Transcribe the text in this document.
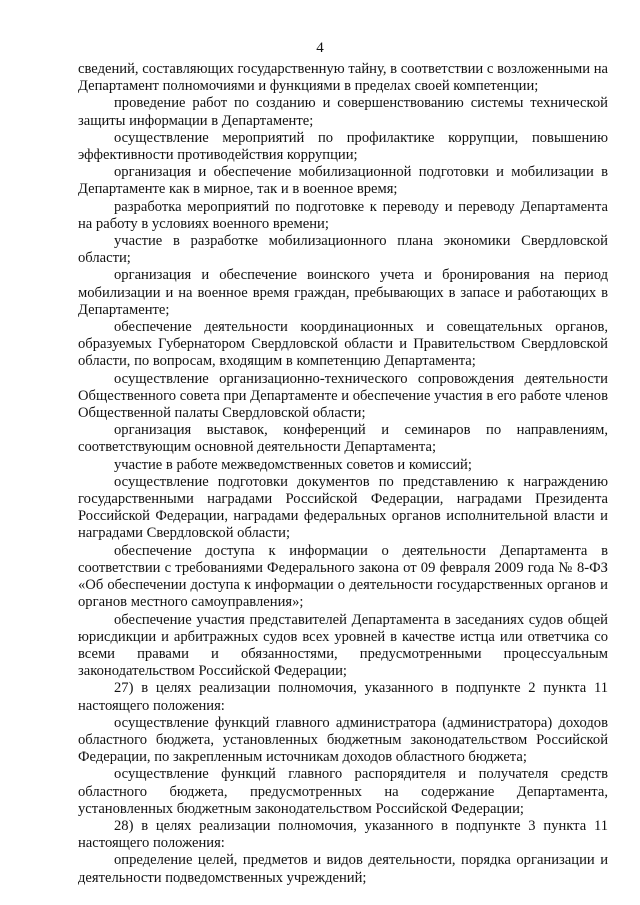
4

сведений, составляющих государственную тайну, в соответствии с возложенными на Департамент полномочиями и функциями в пределах своей компетенции;

проведение работ по созданию и совершенствованию системы технической защиты информации в Департаменте;

осуществление мероприятий по профилактике коррупции, повышению эффективности противодействия коррупции;

организация и обеспечение мобилизационной подготовки и мобилизации в Департаменте как в мирное, так и в военное время;

разработка мероприятий по подготовке к переводу и переводу Департамента на работу в условиях военного времени;

участие в разработке мобилизационного плана экономики Свердловской области;

организация и обеспечение воинского учета и бронирования на период мобилизации и на военное время граждан, пребывающих в запасе и работающих в Департаменте;

обеспечение деятельности координационных и совещательных органов, образуемых Губернатором Свердловской области и Правительством Свердловской области, по вопросам, входящим в компетенцию Департамента;

осуществление организационно-технического сопровождения деятельности Общественного совета при Департаменте и обеспечение участия в его работе членов Общественной палаты Свердловской области;

организация выставок, конференций и семинаров по направлениям, соответствующим основной деятельности Департамента;

участие в работе межведомственных советов и комиссий;

осуществление подготовки документов по представлению к награждению государственными наградами Российской Федерации, наградами Президента Российской Федерации, наградами федеральных органов исполнительной власти и наградами Свердловской области;

обеспечение доступа к информации о деятельности Департамента в соответствии с требованиями Федерального закона от 09 февраля 2009 года № 8-ФЗ «Об обеспечении доступа к информации о деятельности государственных органов и органов местного самоуправления»;

обеспечение участия представителей Департамента в заседаниях судов общей юрисдикции и арбитражных судов всех уровней в качестве истца или ответчика со всеми правами и обязанностями, предусмотренными процессуальным законодательством Российской Федерации;

27) в целях реализации полномочия, указанного в подпункте 2 пункта 11 настоящего положения:

осуществление функций главного администратора (администратора) доходов областного бюджета, установленных бюджетным законодательством Российской Федерации, по закрепленным источникам доходов областного бюджета;

осуществление функций главного распорядителя и получателя средств областного бюджета, предусмотренных на содержание Департамента, установленных бюджетным законодательством Российской Федерации;

28) в целях реализации полномочия, указанного в подпункте 3 пункта 11 настоящего положения:

определение целей, предметов и видов деятельности, порядка организации и деятельности подведомственных учреждений;
